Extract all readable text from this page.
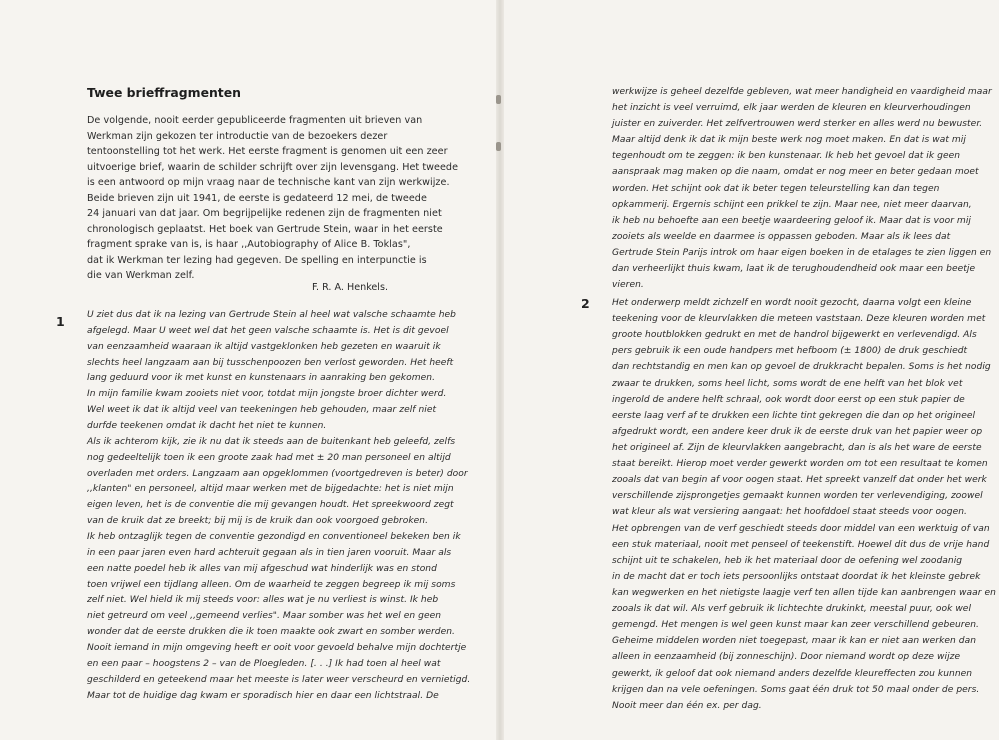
Twee brieffragmenten
De volgende, nooit eerder gepubliceerde fragmenten uit brieven van
Werkman zijn gekozen ter introductie van de bezoekers dezer
tentoonstelling tot het werk. Het eerste fragment is genomen uit een zeer
uitvoerige brief, waarin de schilder schrijft over zijn levensgang. Het tweede
is een antwoord op mijn vraag naar de technische kant van zijn werkwijze.
Beide brieven zijn uit 1941, de eerste is gedateerd 12 mei, de tweede
24 januari van dat jaar. Om begrijpelijke redenen zijn de fragmenten niet
chronologisch geplaatst. Het boek van Gertrude Stein, waar in het eerste
fragment sprake van is, is haar ,,Autobiography of Alice B. Toklas",
dat ik Werkman ter lezing had gegeven. De spelling en interpunctie is
die van Werkman zelf.
F. R. A. Henkels.
1 U ziet dus dat ik na lezing van Gertrude Stein al heel wat valsche schaamte heb
afgelegd. Maar U weet wel dat het geen valsche schaamte is. Het is dit gevoel
van eenzaamheid waaraan ik altijd vastgeklonken heb gezeten en waaruit ik
slechts heel langzaam aan bij tusschenpoozen ben verlost geworden. Het heeft
lang geduurd voor ik met kunst en kunstenaars in aanraking ben gekomen.
In mijn familie kwam zooiets niet voor, totdat mijn jongste broer dichter werd.
Wel weet ik dat ik altijd veel van teekeningen heb gehouden, maar zelf niet
durfde teekenen omdat ik dacht het niet te kunnen.
Als ik achterom kijk, zie ik nu dat ik steeds aan de buitenkant heb geleefd, zelfs
nog gedeeltelijk toen ik een groote zaak had met ± 20 man personeel en altijd
overladen met orders. Langzaam aan opgeklommen (voortgedreven is beter) door
,,klanten" en personeel, altijd maar werken met de bijgedachte: het is niet mijn
eigen leven, het is de conventie die mij gevangen houdt. Het spreekwoord zegt
van de kruik dat ze breekt; bij mij is de kruik dan ook voorgoed gebroken.
Ik heb ontzaglijk tegen de conventie gezondigd en conventioneel bekeken ben ik
in een paar jaren even hard achteruit gegaan als in tien jaren vooruit. Maar als
een natte poedel heb ik alles van mij afgeschud wat hinderlijk was en stond
toen vrijwel een tijdlang alleen. Om de waarheid te zeggen begreep ik mij soms
zelf niet. Wel hield ik mij steeds voor: alles wat je nu verliest is winst. Ik heb
niet getreurd om veel ,,gemeend verlies". Maar somber was het wel en geen
wonder dat de eerste drukken die ik toen maakte ook zwart en somber werden.
Nooit iemand in mijn omgeving heeft er ooit voor gevoeld behalve mijn dochtertje
en een paar – hoogstens 2 – van de Ploegleden. [. . .] Ik had toen al heel wat
geschilderd en geteekend maar het meeste is later weer verscheurd en vernietigd.
Maar tot de huidige dag kwam er sporadisch hier en daar een lichtstraal. De
werkwijze is geheel dezelfde gebleven, wat meer handigheid en vaardigheid maar
het inzicht is veel verruimd, elk jaar werden de kleuren en kleurverhoudingen
juister en zuiverder. Het zelfvertrouwen werd sterker en alles werd nu bewuster.
Maar altijd denk ik dat ik mijn beste werk nog moet maken. En dat is wat mij
tegenhoudt om te zeggen: ik ben kunstenaar. Ik heb het gevoel dat ik geen
aanspraak mag maken op die naam, omdat er nog meer en beter gedaan moet
worden. Het schijnt ook dat ik beter tegen teleurstelling kan dan tegen
opkammerij. Ergernis schijnt een prikkel te zijn. Maar nee, niet meer daarvan,
ik heb nu behoefte aan een beetje waardeering geloof ik. Maar dat is voor mij
zooiets als weelde en daarmee is oppassen geboden. Maar als ik lees dat
Gertrude Stein Parijs introk om haar eigen boeken in de etalages te zien liggen en
dan verheerlijkt thuis kwam, laat ik de terughoudendheid ook maar een beetje
vieren.
2 Het onderwerp meldt zichzelf en wordt nooit gezocht, daarna volgt een kleine
teekening voor de kleurvlakken die meteen vaststaan. Deze kleuren worden met
groote houtblokken gedrukt en met de handrol bijgewerkt en verlevendigd. Als
pers gebruik ik een oude handpers met hefboom (± 1800) de druk geschiedt
dan rechtstandig en men kan op gevoel de drukkracht bepalen. Soms is het nodig
zwaar te drukken, soms heel licht, soms wordt de ene helft van het blok vet
ingerold de andere helft schraal, ook wordt door eerst op een stuk papier de
eerste laag verf af te drukken een lichte tint gekregen die dan op het origineel
afgedrukt wordt, een andere keer druk ik de eerste druk van het papier weer op
het origineel af. Zijn de kleurvlakken aangebracht, dan is als het ware de eerste
staat bereikt. Hierop moet verder gewerkt worden om tot een resultaat te komen
zooals dat van begin af voor oogen staat. Het spreekt vanzelf dat onder het werk
verschillende zijsprongetjes gemaakt kunnen worden ter verlevendiging, zoowel
wat kleur als wat versiering aangaat: het hoofddoel staat steeds voor oogen.
Het opbrengen van de verf geschiedt steeds door middel van een werktuig of van
een stuk materiaal, nooit met penseel of teekenstift. Hoewel dit dus de vrije hand
schijnt uit te schakelen, heb ik het materiaal door de oefening wel zoodanig
in de macht dat er toch iets persoonlijks ontstaat doordat ik het kleinste gebrek
kan wegwerken en het nietigste laagje verf ten allen tijde kan aanbrengen waar en
zooals ik dat wil. Als verf gebruik ik lichtechte drukinkt, meestal puur, ook wel
gemengd. Het mengen is wel geen kunst maar kan zeer verschillend gebeuren.
Geheime middelen worden niet toegepast, maar ik kan er niet aan werken dan
alleen in eenzaamheid (bij zonneschijn). Door niemand wordt op deze wijze
gewerkt, ik geloof dat ook niemand anders dezelfde kleureffecten zou kunnen
krijgen dan na vele oefeningen. Soms gaat één druk tot 50 maal onder de pers.
Nooit meer dan één ex. per dag.
